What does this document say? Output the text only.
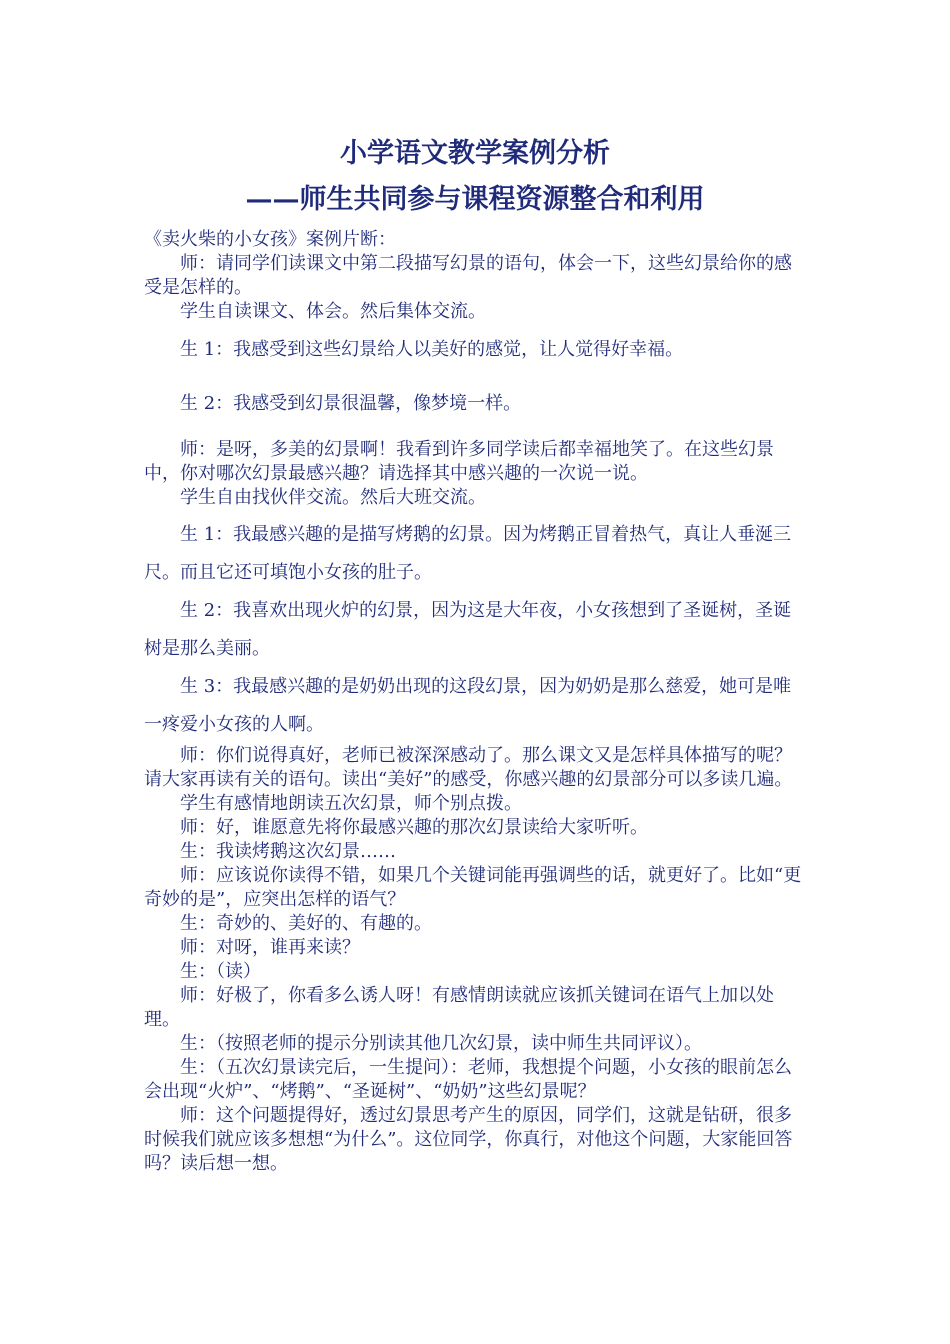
小学语文教学案例分析
——师生共同参与课程资源整合和利用

《卖火柴的小女孩》案例片断：

师：请同学们读课文中第二段描写幻景的语句，体会一下，这些幻景给你的感受是怎样的。

学生自读课文、体会。然后集体交流。

生 1：我感受到这些幻景给人以美好的感觉，让人觉得好幸福。

生 2：我感受到幻景很温馨，像梦境一样。

师：是呀，多美的幻景啊！我看到许多同学读后都幸福地笑了。在这些幻景中，你对哪次幻景最感兴趣？请选择其中感兴趣的一次说一说。

学生自由找伙伴交流。然后大班交流。

生 1：我最感兴趣的是描写烤鹅的幻景。因为烤鹅正冒着热气，真让人垂涎三尺。而且它还可填饱小女孩的肚子。

生 2：我喜欢出现火炉的幻景，因为这是大年夜，小女孩想到了圣诞树，圣诞树是那么美丽。

生 3：我最感兴趣的是奶奶出现的这段幻景，因为奶奶是那么慈爱，她可是唯一疼爱小女孩的人啊。

师：你们说得真好，老师已被深深感动了。那么课文又是怎样具体描写的呢？请大家再读有关的语句。读出“美好”的感受，你感兴趣的幻景部分可以多读几遍。

学生有感情地朗读五次幻景，师个别点拨。

师：好，谁愿意先将你最感兴趣的那次幻景读给大家听听。

生：我读烤鹅这次幻景……

师：应该说你读得不错，如果几个关键词能再强调些的话，就更好了。比如“更奇妙的是”，应突出怎样的语气？

生：奇妙的、美好的、有趣的。

师：对呀，谁再来读？

生：（读）

师：好极了，你看多么诱人呀！有感情朗读就应该抓关键词在语气上加以处理。

生：（按照老师的提示分别读其他几次幻景，读中师生共同评议）。

生：（五次幻景读完后，一生提问）：老师，我想提个问题，小女孩的眼前怎么会出现“火炉”、“烤鹅”、“圣诞树”、“奶奶”这些幻景呢？

师：这个问题提得好，透过幻景思考产生的原因，同学们，这就是钻研，很多时候我们就应该多想想“为什么”。这位同学，你真行，对他这个问题，大家能回答吗？读后想一想。
